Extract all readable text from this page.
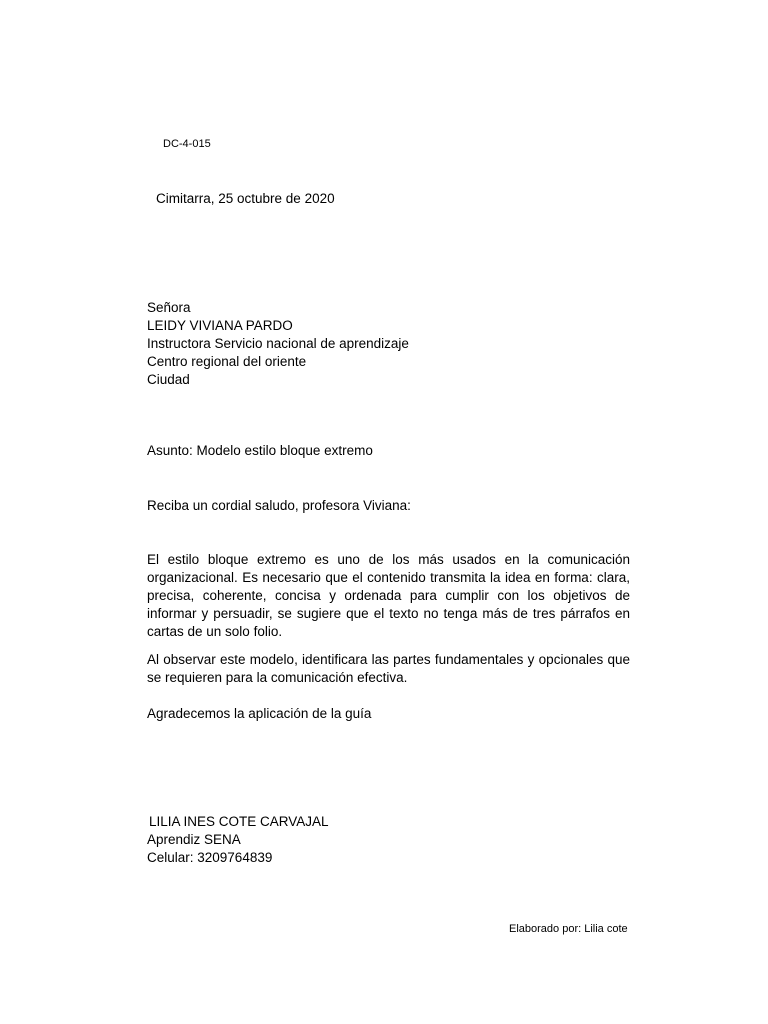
DC-4-015
Cimitarra, 25 octubre de 2020
Señora
LEIDY VIVIANA PARDO
Instructora Servicio nacional de aprendizaje
Centro regional del oriente
Ciudad
Asunto: Modelo estilo bloque extremo
Reciba un cordial saludo, profesora Viviana:

El estilo bloque extremo es uno de los más usados en la comunicación organizacional. Es necesario que el contenido transmita la idea en forma: clara, precisa, coherente, concisa y ordenada para cumplir con los objetivos de informar y persuadir, se sugiere que el texto no tenga más de tres párrafos en cartas de un solo folio.

Al observar este modelo, identificara las partes fundamentales y opcionales que se requieren para la comunicación efectiva.

Agradecemos la aplicación de la guía
LILIA INES COTE CARVAJAL
Aprendiz SENA
Celular: 3209764839
Elaborado por: Lilia cote
